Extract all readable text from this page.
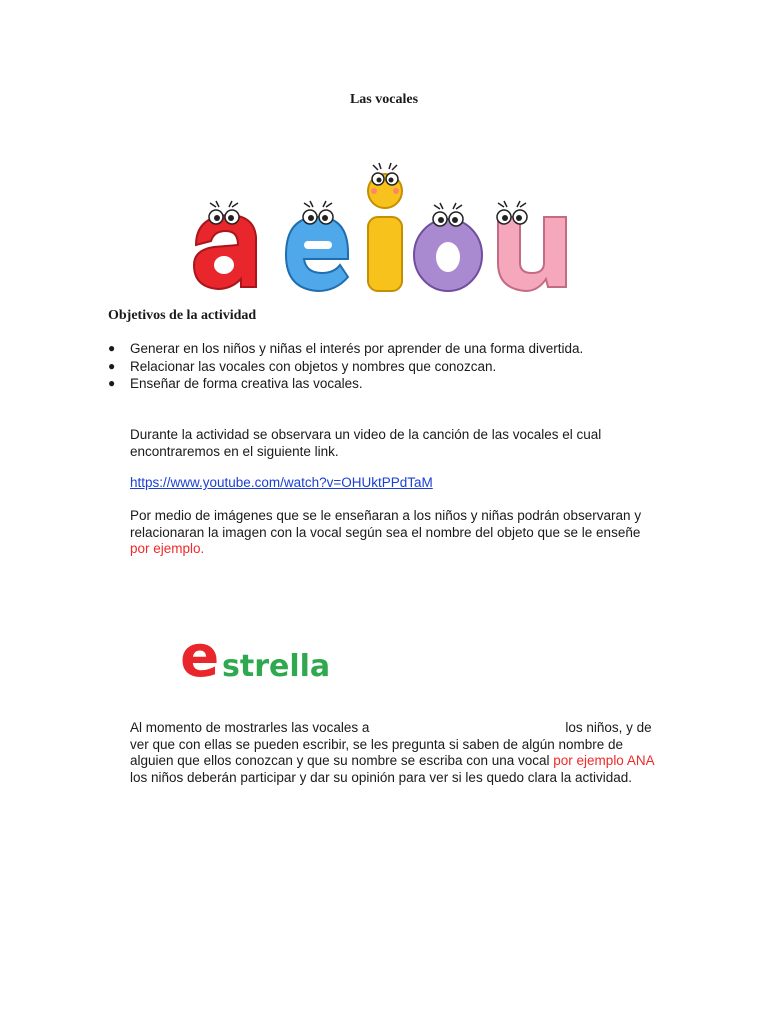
Las vocales
Objetivos de la actividad
● Generar en los niños y niñas el interés por aprender de una forma divertida.
● Relacionar las vocales con objetos y nombres que conozcan.
● Enseñar de forma creativa las vocales.

Durante la actividad se observara un video de la canción de las vocales el cual encontraremos en el siguiente link.

https://www.youtube.com/watch?v=OHUktPPdTaM

Por medio de imágenes que se le enseñaran a los niños y niñas podrán observaran y relacionaran la imagen con la vocal según sea el nombre del objeto que se le enseñe
por ejemplo.

e strella

Al momento de mostrarles las vocales a	los niños, y de ver que con ellas se pueden escribir, se les pregunta si saben de algún nombre de alguien que ellos conozcan y que su nombre se escriba con una vocal por ejemplo ANA los niños deberán participar y dar su opinión para ver si les quedo clara la actividad.
